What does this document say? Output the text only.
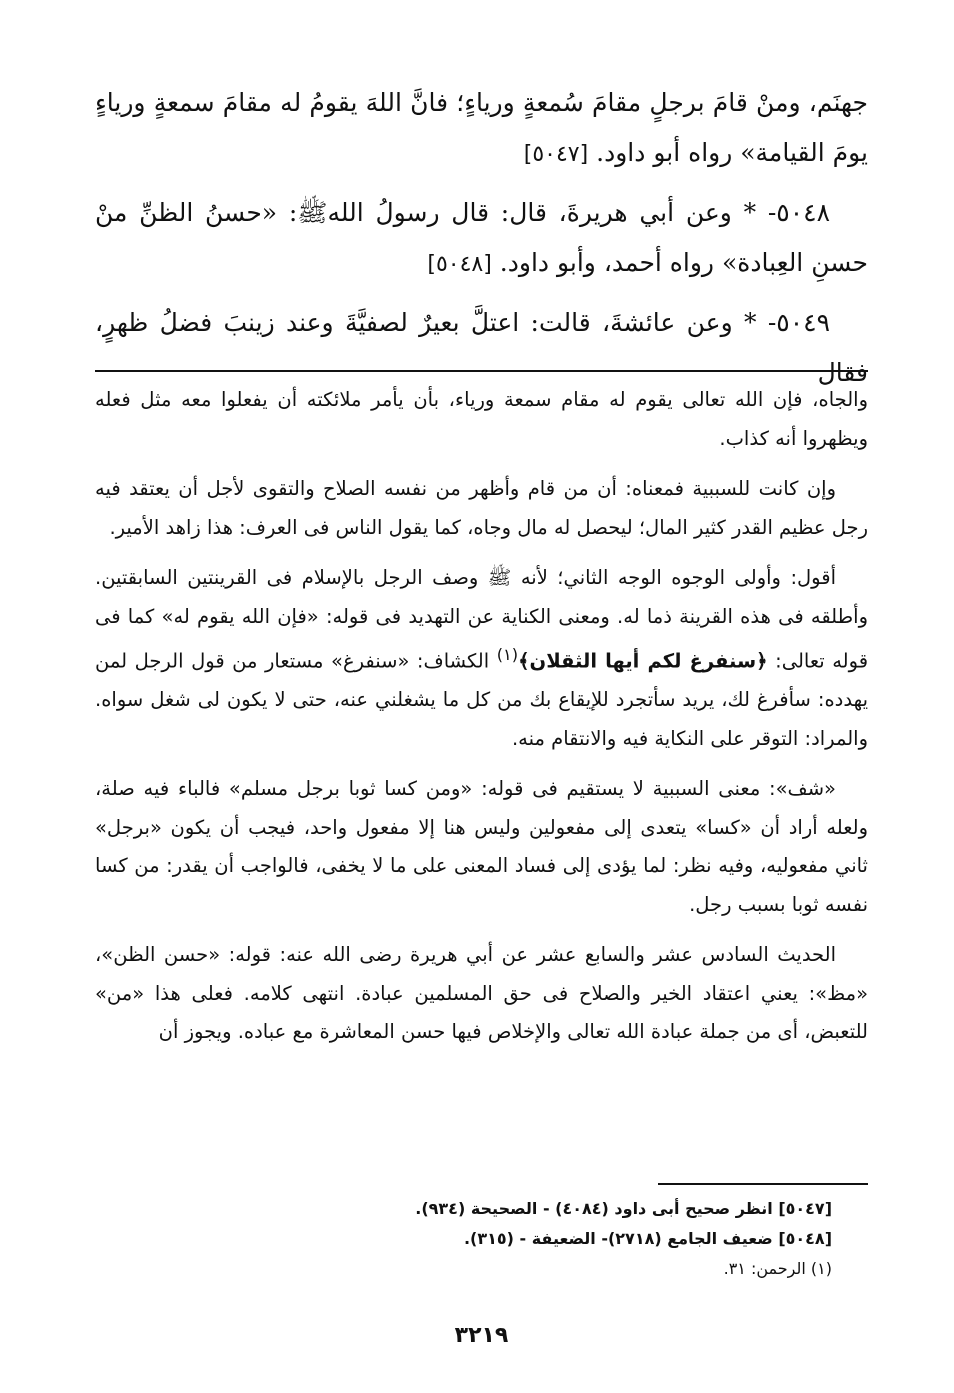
جهنَم، ومنْ قامَ برجلٍ مقامَ سُمعةٍ ورياءٍ؛ فانَّ اللهَ يقومُ له مقامَ سمعةٍ ورياءٍ يومَ القيامة» رواه أبو داود. [٥٠٤٧]

٥٠٤٨- * وعن أبي هريرةَ، قال: قال رسولُ اللهﷺ: «حسنُ الظنِّ منْ حسنِ العِبادة» رواه أحمد، وأبو داود. [٥٠٤٨]

٥٠٤٩- * وعن عائشةَ، قالت: اعتلَّ بعيرٌ لصفيَّةَ وعند زينبَ فضلُ ظهرٍ، فقال

والجاه، فإن الله تعالى يقوم له مقام سمعة ورياء، بأن يأمر ملائكته أن يفعلوا معه مثل فعله ويظهروا أنه كذاب.

وإن كانت للسببية فمعناه: أن من قام وأظهر من نفسه الصلاح والتقوى لأجل أن يعتقد فيه رجل عظيم القدر كثير المال؛ ليحصل له مال وجاه، كما يقول الناس فى العرف: هذا زاهد الأمير.

أقول: وأولى الوجوه الوجه الثاني؛ لأنه ﷺ وصف الرجل بالإسلام فى القرينتين السابقتين. وأطلقه فى هذه القرينة ذما له. ومعنى الكناية عن التهديد فى قوله: «فإن الله يقوم له» كما فى قوله تعالى: ﴿سنفرغ لكم أيها الثقلان﴾$^{(١)}$ الكشاف: «سنفرغ» مستعار من قول الرجل لمن يهدده: سأفرغ لك، يريد سأتجرد للإيقاع بك من كل ما يشغلني عنه، حتى لا يكون لى شغل سواه. والمراد: التوقر على النكاية فيه والانتقام منه.

«شف»: معنى السببية لا يستقيم فى قوله: «ومن كسا ثوبا برجل مسلم» فالباء فيه صلة، ولعله أراد أن «كسا» يتعدى إلى مفعولين وليس هنا إلا مفعول واحد، فيجب أن يكون «برجل» ثاني مفعوليه، وفيه نظر: لما يؤدى إلى فساد المعنى على ما لا يخفى، فالواجب أن يقدر: من كسا نفسه ثوبا بسبب رجل.

الحديث السادس عشر والسابع عشر عن أبي هريرة رضى الله عنه: قوله: «حسن الظن»، «مظ»: يعني اعتقاد الخير والصلاح فى حق المسلمين عبادة. انتهى كلامه. فعلى هذا «من» للتعبض، أى من جملة عبادة الله تعالى والإخلاص فيها حسن المعاشرة مع عباده. ويجوز أن

[٥٠٤٧] انظر صحيح أبى داود (٤٠٨٤) - الصحيحة (٩٣٤).
[٥٠٤٨] ضعيف الجامع (٢٧١٨)- الضعيفة - (٣١٥).
(١) الرحمن: ٣١.
٣٢١٩
